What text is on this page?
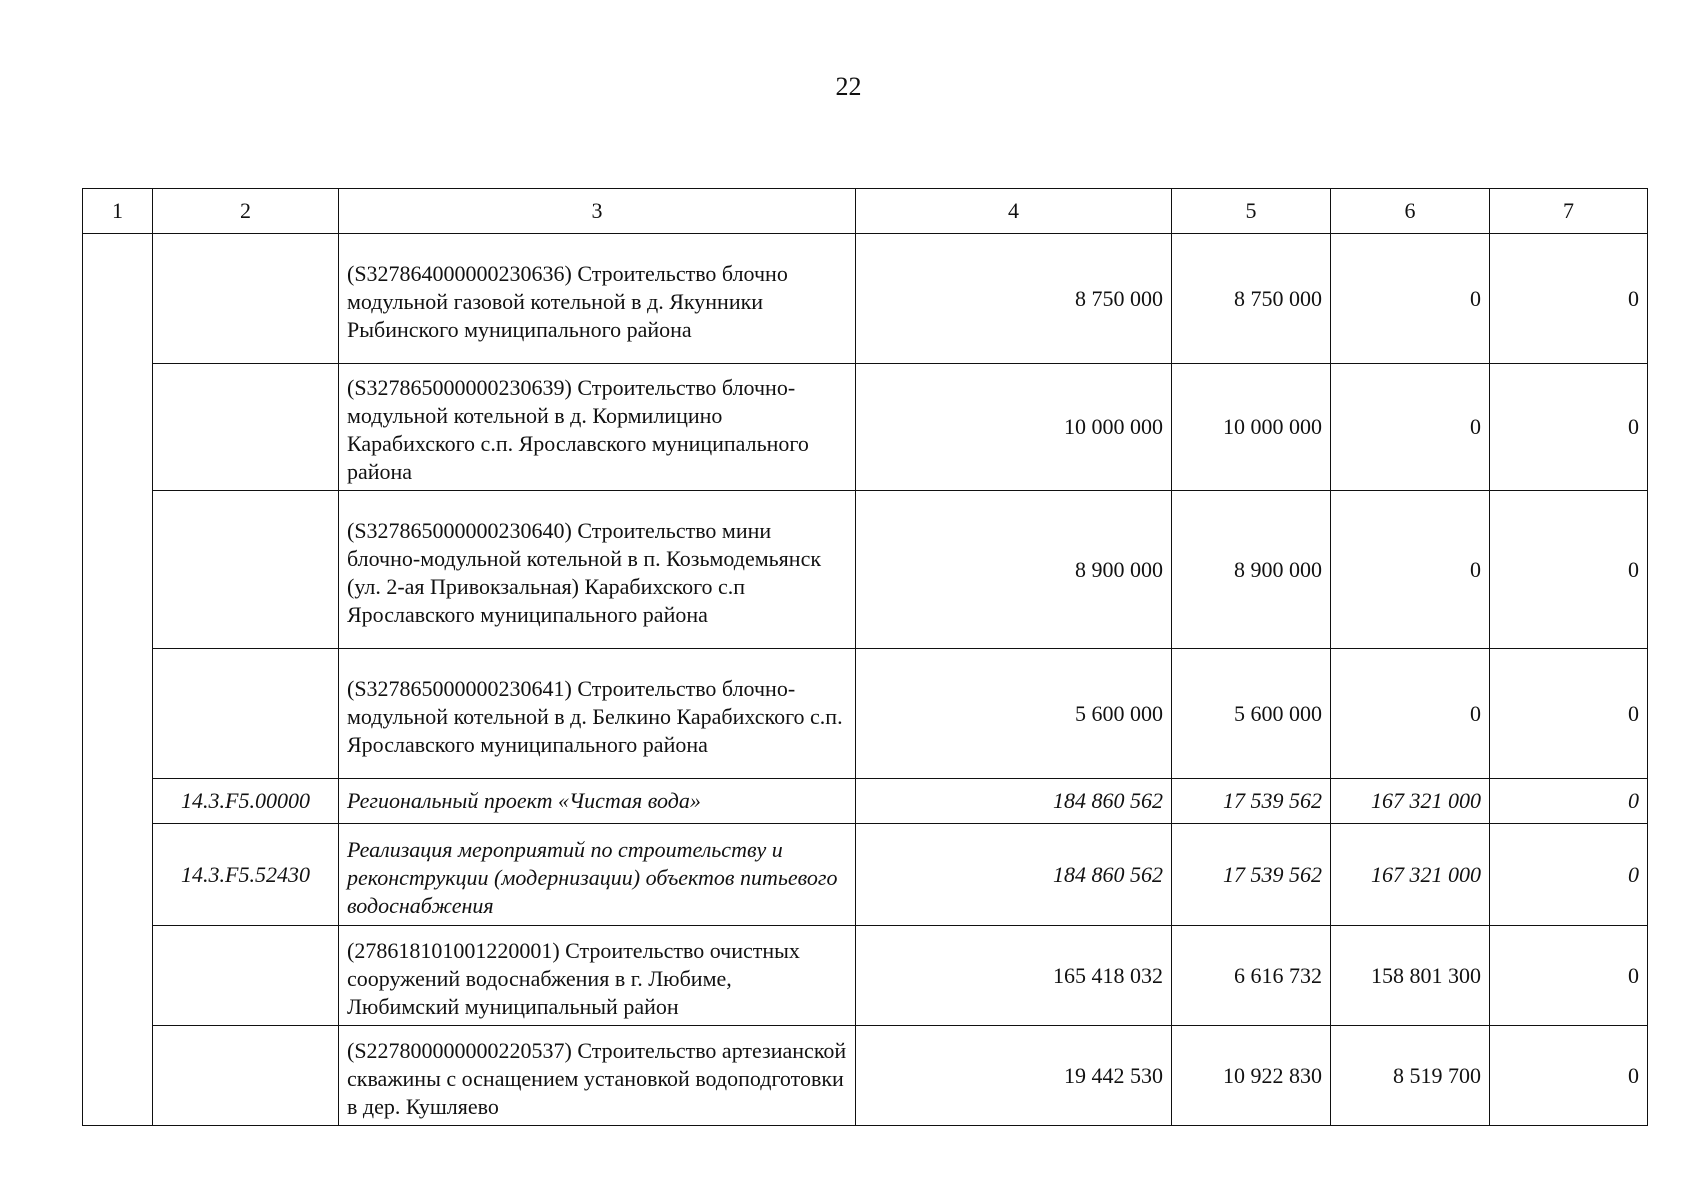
22
1	2	3	4	5	6	7
		(S327864000000230636) Строительство блочно модульной газовой котельной в д. Якунники Рыбинского муниципального района	8 750 000	8 750 000	0	0
		(S327865000000230639) Строительство блочно-модульной котельной в д. Кормилицино Карабихского с.п. Ярославского муниципального района	10 000 000	10 000 000	0	0
		(S327865000000230640) Строительство мини блочно-модульной котельной в п. Козьмодемьянск (ул. 2-ая Привокзальная) Карабихского с.п Ярославского муниципального района	8 900 000	8 900 000	0	0
		(S327865000000230641) Строительство блочно-модульной котельной в д. Белкино Карабихского с.п. Ярославского муниципального района	5 600 000	5 600 000	0	0
	14.3.F5.00000	Региональный проект «Чистая вода»	184 860 562	17 539 562	167 321 000	0
	14.3.F5.52430	Реализация мероприятий по строительству и реконструкции (модернизации) объектов питьевого водоснабжения	184 860 562	17 539 562	167 321 000	0
		(278618101001220001) Строительство очистных сооружений водоснабжения в г. Любиме, Любимский муниципальный район	165 418 032	6 616 732	158 801 300	0
		(S227800000000220537) Строительство артезианской скважины с оснащением установкой водоподготовки в дер. Кушляево	19 442 530	10 922 830	8 519 700	0
